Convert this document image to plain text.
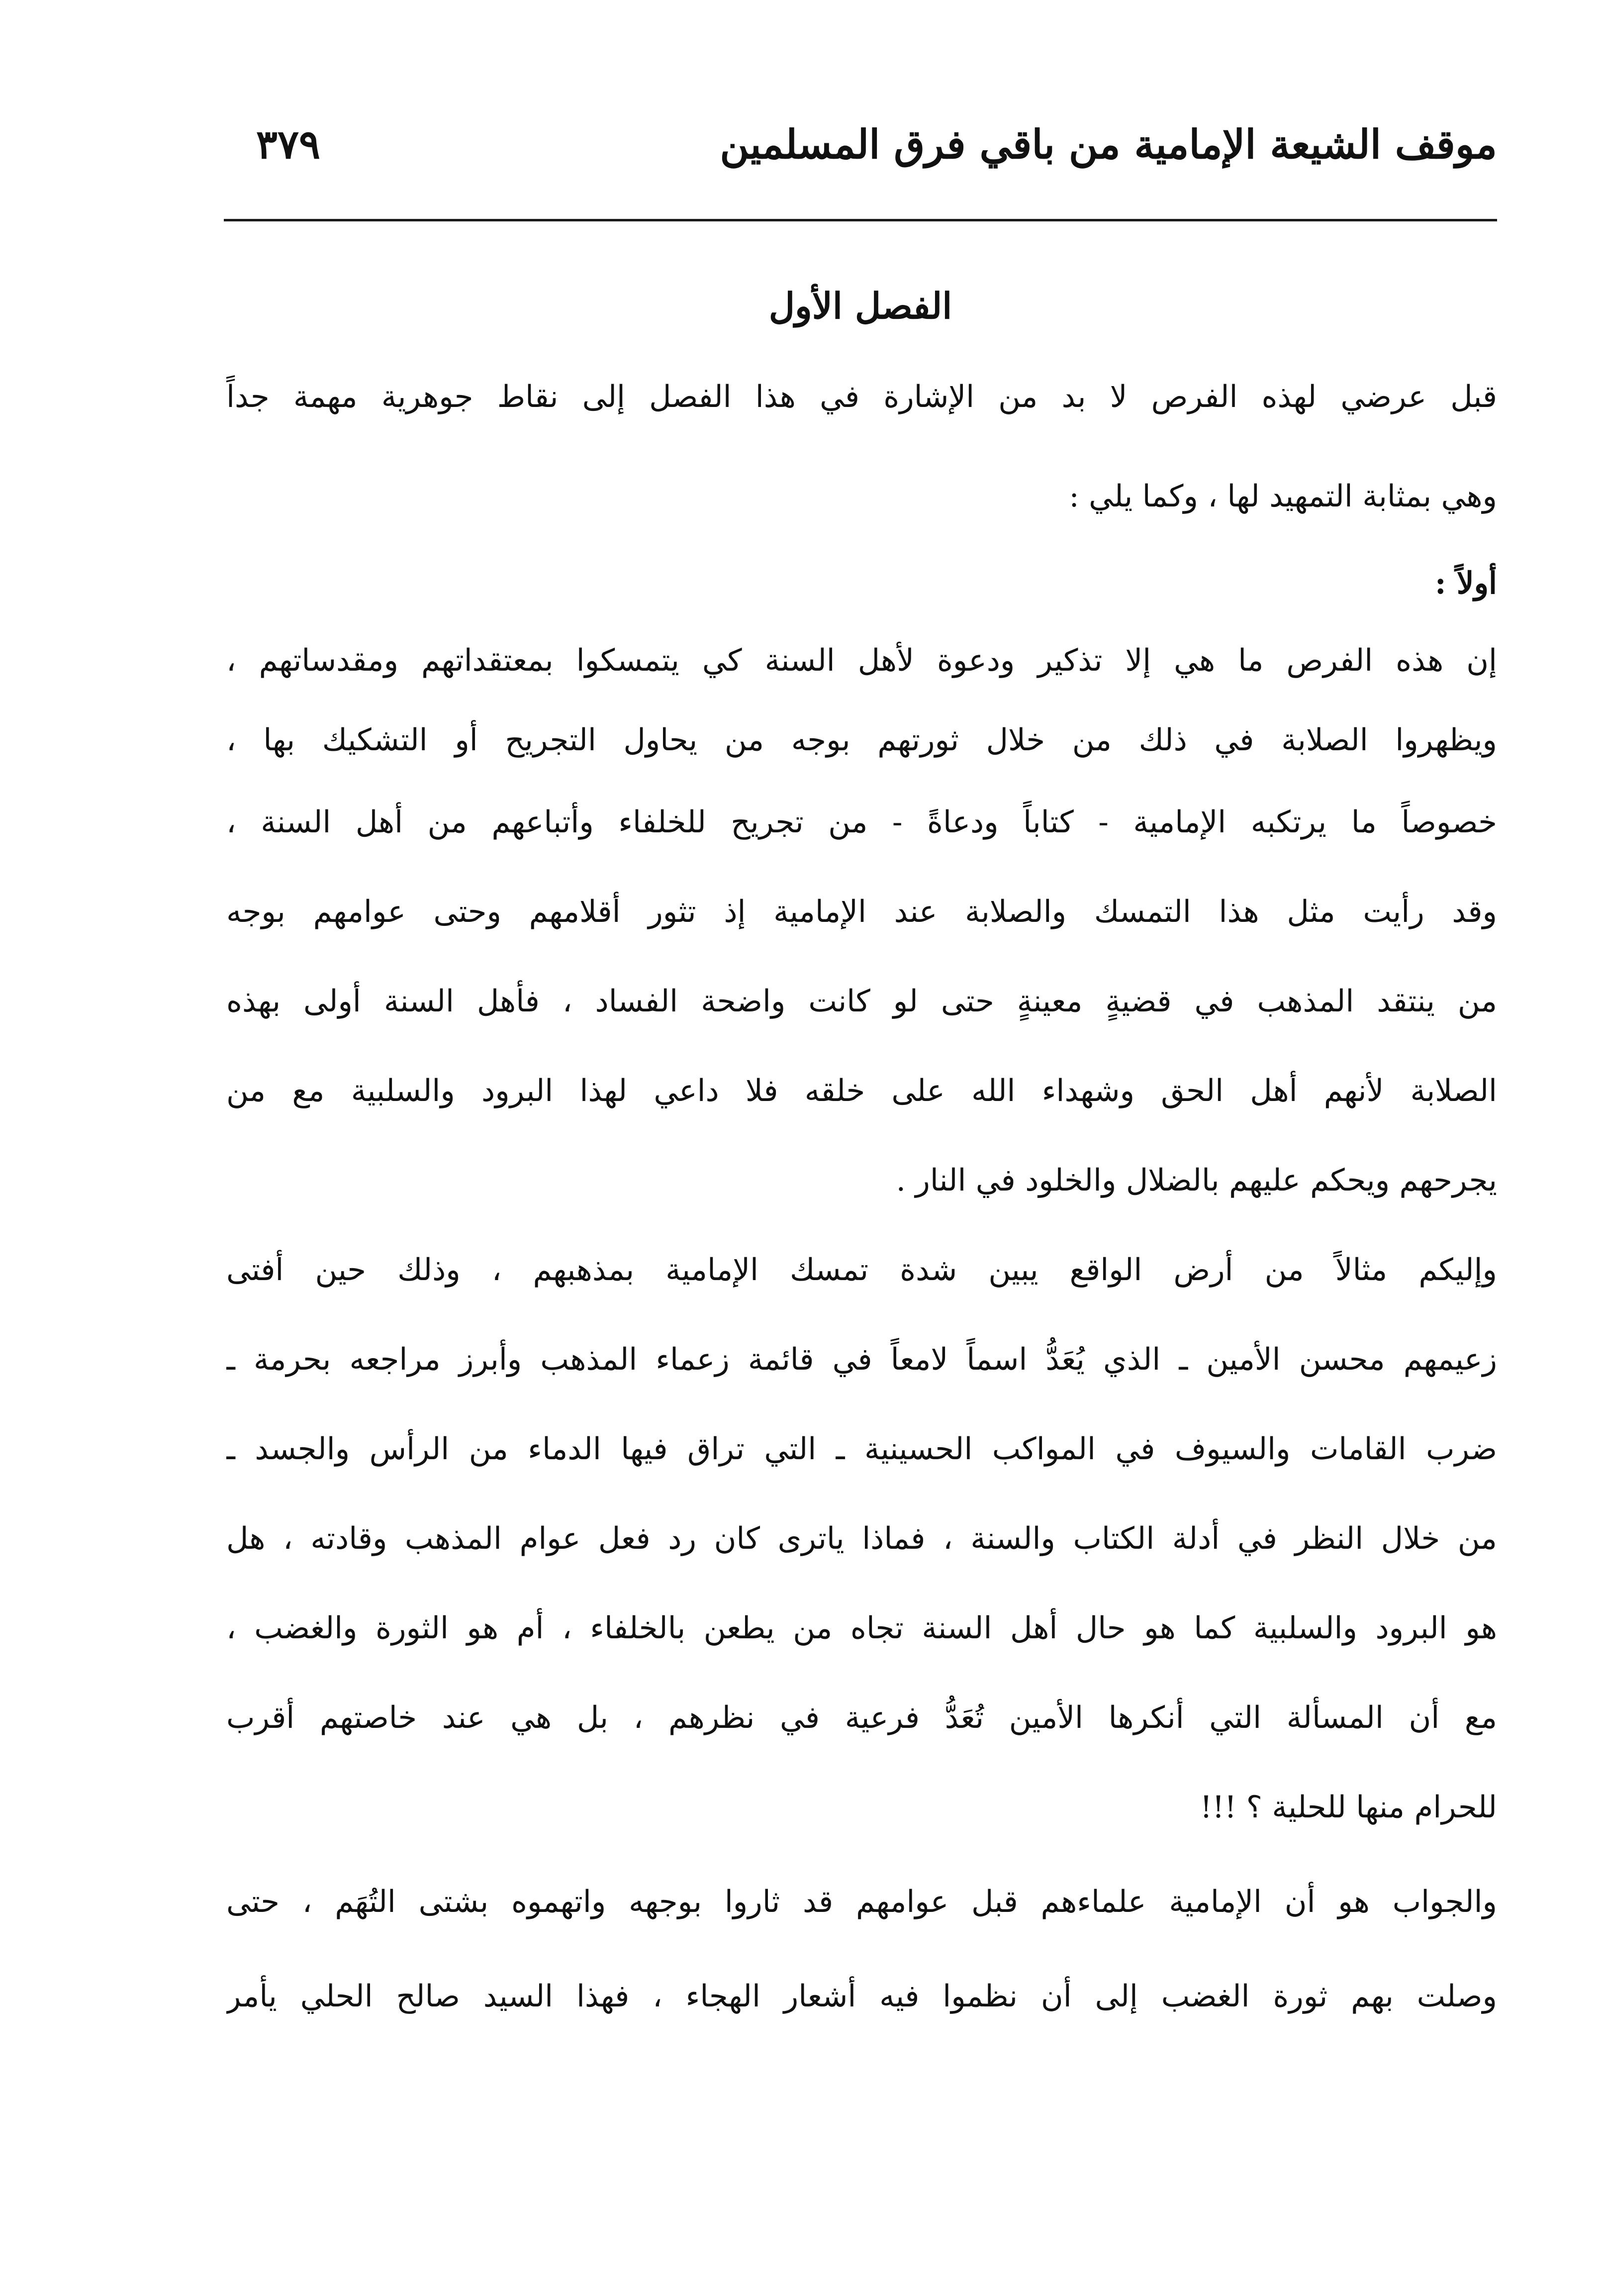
موقف الشيعة الإمامية من باقي فرق المسلمين
٣٧٩
الفصل الأول
قبل عرضي لهذه الفرص لا بد من الإشارة في هذا الفصل إلى نقاط جوهرية مهمة جداً
وهي بمثابة التمهيد لها ، وكما يلي :
أولاً :
إن هذه الفرص ما هي إلا تذكير ودعوة لأهل السنة كي يتمسكوا بمعتقداتهم ومقدساتهم ،
ويظهروا الصلابة في ذلك من خلال ثورتهم بوجه من يحاول التجريح أو التشكيك بها ،
خصوصاً ما يرتكبه الإمامية - كتاباً ودعاةً - من تجريح للخلفاء وأتباعهم من أهل السنة ،
وقد رأيت مثل هذا التمسك والصلابة عند الإمامية إذ تثور أقلامهم وحتى عوامهم بوجه
من ينتقد المذهب في قضيةٍ معينةٍ حتى لو كانت واضحة الفساد ، فأهل السنة أولى بهذه
الصلابة لأنهم أهل الحق وشهداء الله على خلقه فلا داعي لهذا البرود والسلبية مع من
يجرحهم ويحكم عليهم بالضلال والخلود في النار .
وإليكم مثالاً من أرض الواقع يبين شدة تمسك الإمامية بمذهبهم ، وذلك حين أفتى
زعيمهم محسن الأمين ـ الذي يُعَدُّ اسماً لامعاً في قائمة زعماء المذهب وأبرز مراجعه بحرمة ـ
ضرب القامات والسيوف في المواكب الحسينية ـ التي تراق فيها الدماء من الرأس والجسد ـ
من خلال النظر في أدلة الكتاب والسنة ، فماذا ياترى كان رد فعل عوام المذهب وقادته ، هل
هو البرود والسلبية كما هو حال أهل السنة تجاه من يطعن بالخلفاء ، أم هو الثورة والغضب ،
مع أن المسألة التي أنكرها الأمين تُعَدُّ فرعية في نظرهم ، بل هي عند خاصتهم أقرب
للحرام منها للحلية ؟ !!!
والجواب هو أن الإمامية علماءهم قبل عوامهم قد ثاروا بوجهه واتهموه بشتى التُهَم ، حتى
وصلت بهم ثورة الغضب إلى أن نظموا فيه أشعار الهجاء ، فهذا السيد صالح الحلي يأمر
